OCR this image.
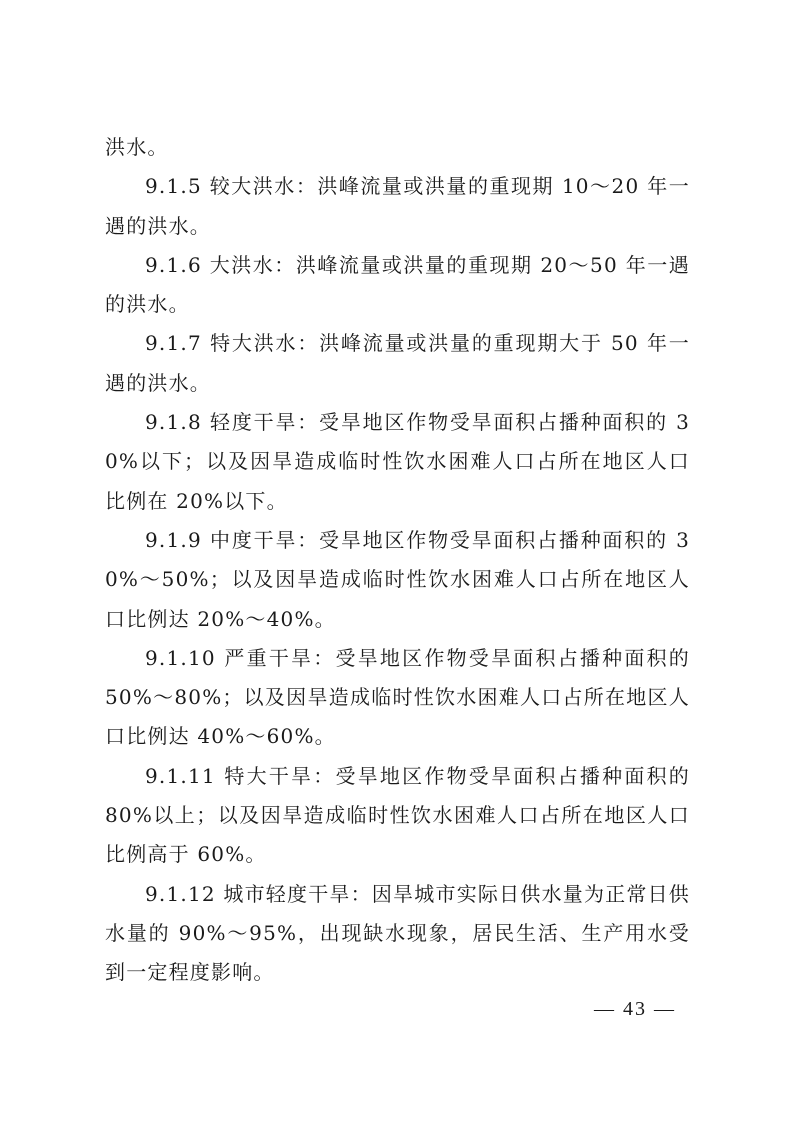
洪水。

9.1.5 较大洪水：洪峰流量或洪量的重现期 10～20 年一遇的洪水。

9.1.6 大洪水：洪峰流量或洪量的重现期 20～50 年一遇的洪水。

9.1.7 特大洪水：洪峰流量或洪量的重现期大于 50 年一遇的洪水。

9.1.8 轻度干旱：受旱地区作物受旱面积占播种面积的 30%以下；以及因旱造成临时性饮水困难人口占所在地区人口比例在 20%以下。

9.1.9 中度干旱：受旱地区作物受旱面积占播种面积的 30%～50%；以及因旱造成临时性饮水困难人口占所在地区人口比例达 20%～40%。

9.1.10 严重干旱：受旱地区作物受旱面积占播种面积的 50%～80%；以及因旱造成临时性饮水困难人口占所在地区人口比例达 40%～60%。

9.1.11 特大干旱：受旱地区作物受旱面积占播种面积的 80%以上；以及因旱造成临时性饮水困难人口占所在地区人口比例高于 60%。

9.1.12 城市轻度干旱：因旱城市实际日供水量为正常日供水量的 90%～95%，出现缺水现象，居民生活、生产用水受到一定程度影响。

— 43 —
